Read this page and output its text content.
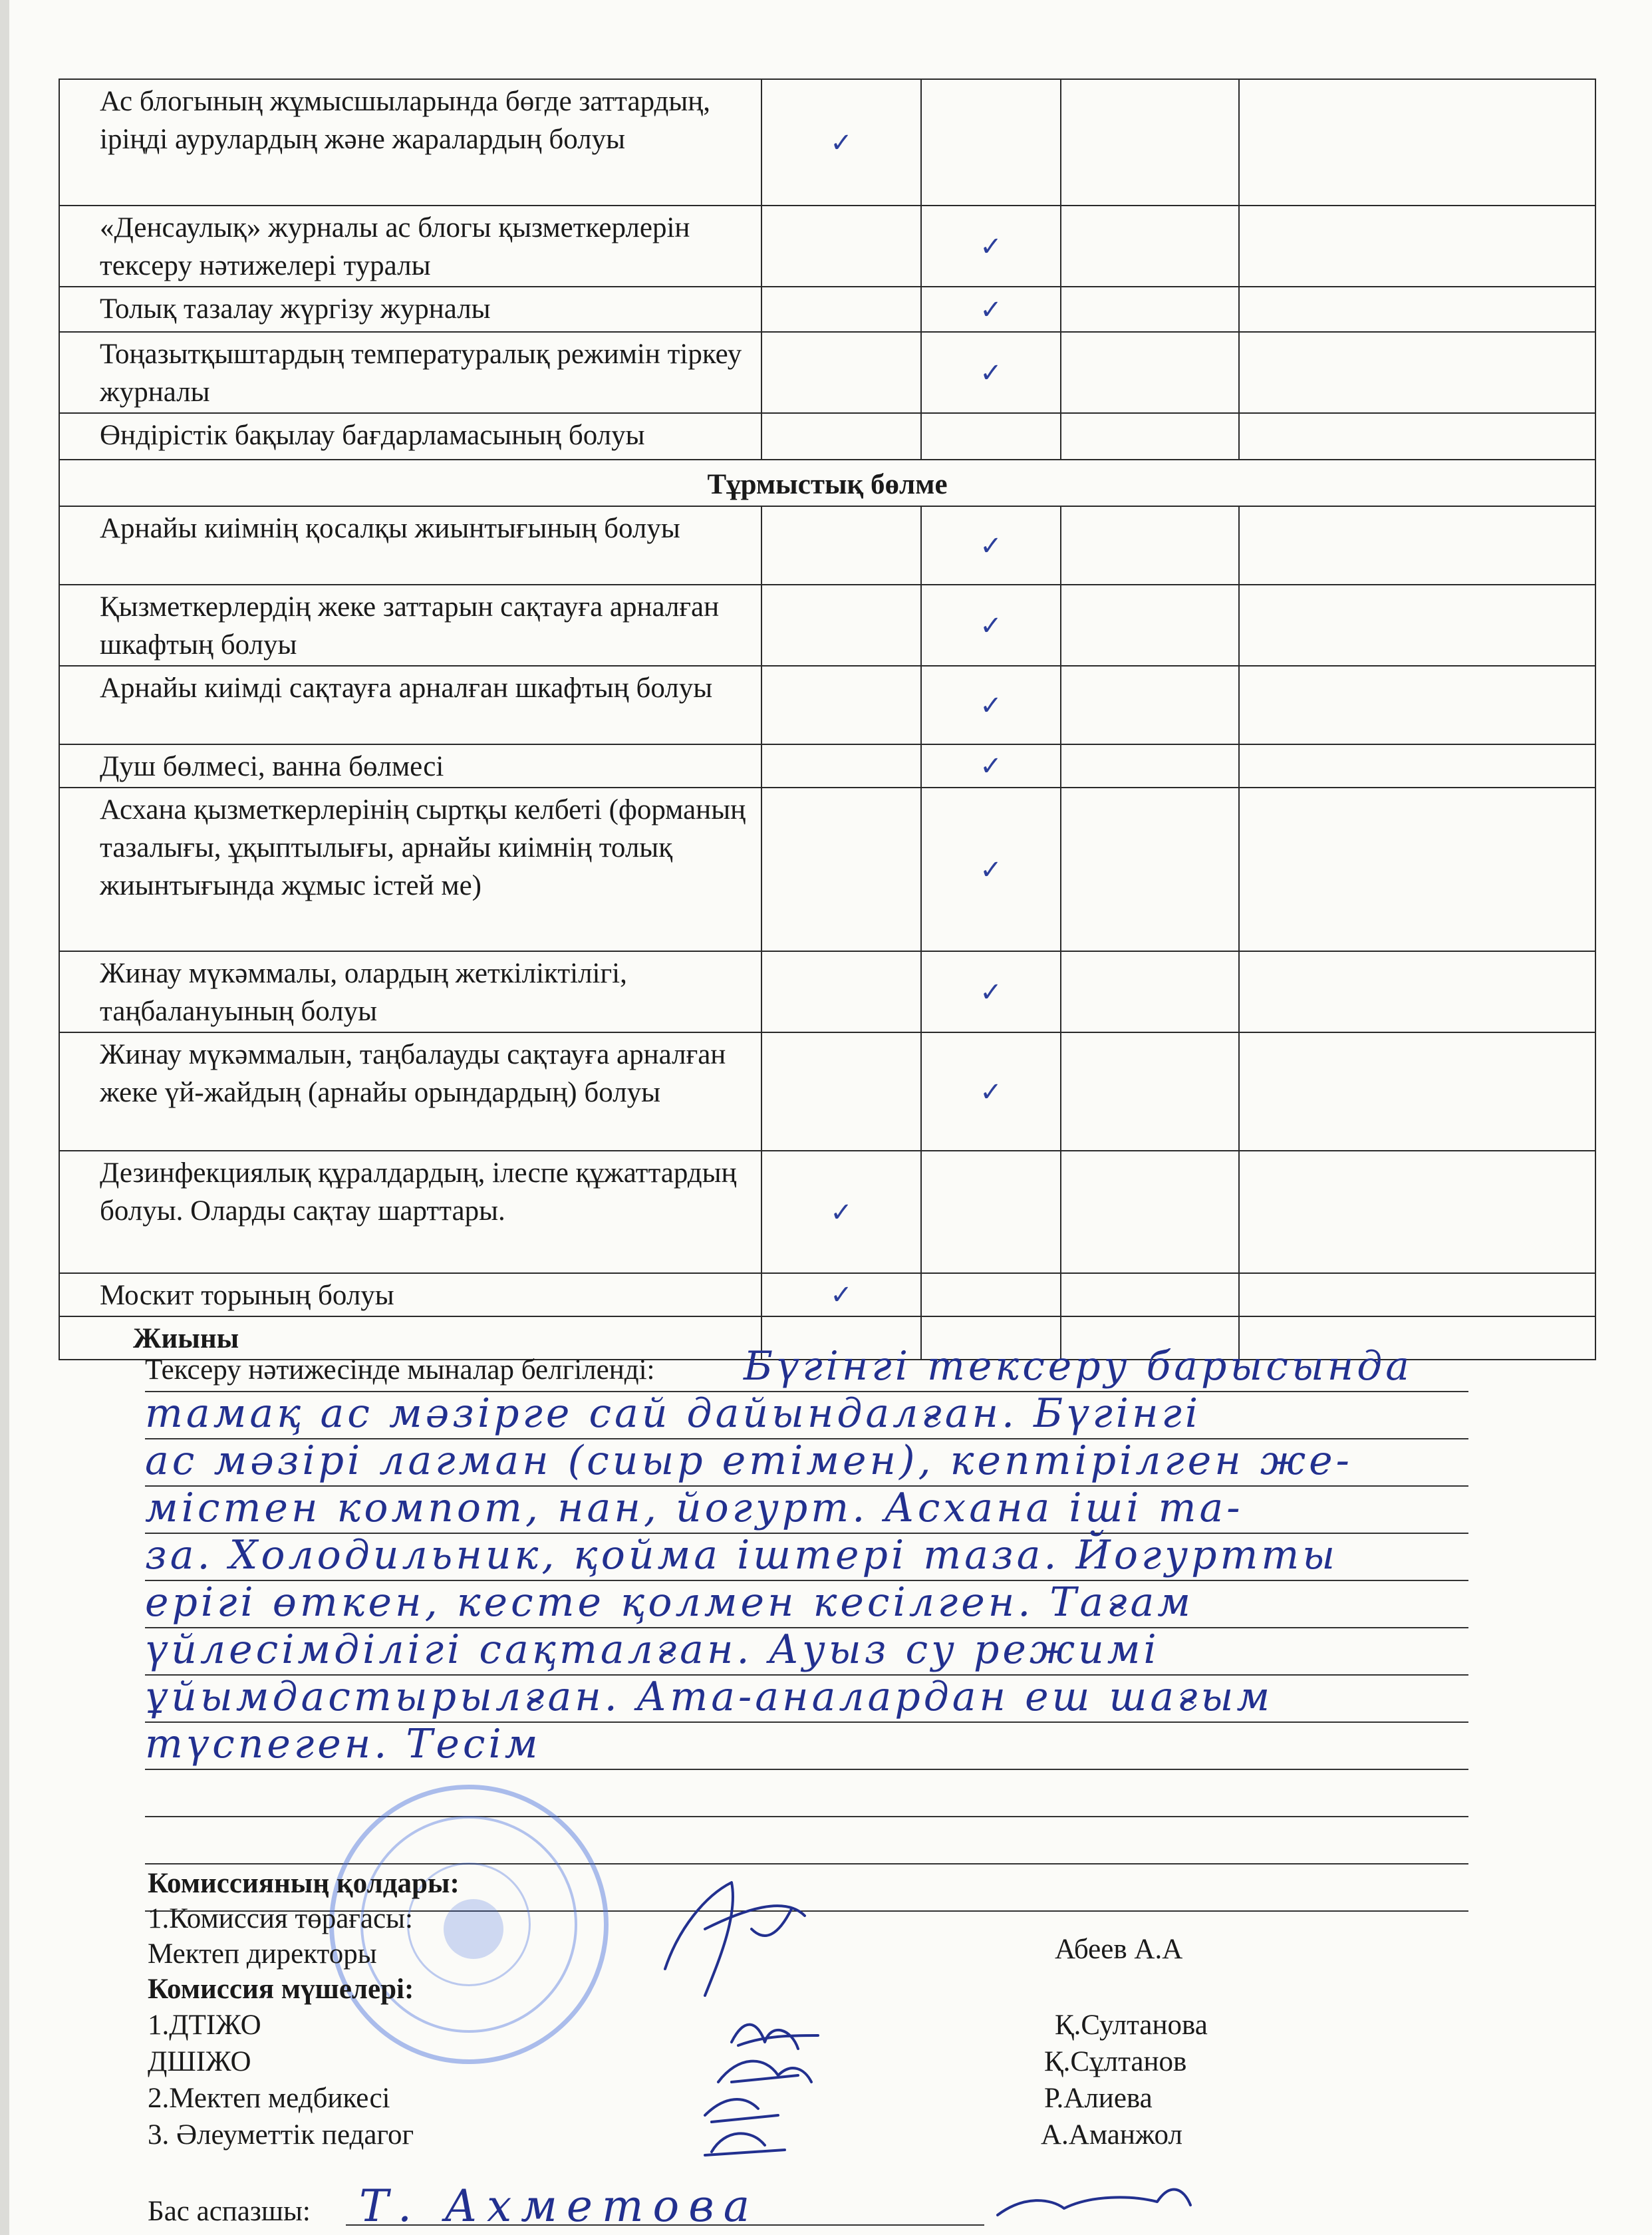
Ас блогының жұмысшыларында бөгде заттардың, іріңді аурулардың және жаралардың болуы	✓			
«Денсаулық» журналы ас блогы қызметкерлерін тексеру нәтижелері туралы		✓		
Толық тазалау жүргізу журналы		✓		
Тоңазытқыштардың температуралық режимін тіркеу журналы		✓		
Өндірістік бақылау бағдарламасының болуы				
Тұрмыстық бөлме				
Арнайы киімнің қосалқы жиынтығының болуы		✓		
Қызметкерлердің жеке заттарын сақтауға арналған шкафтың болуы		✓		
Арнайы киімді сақтауға арналған шкафтың болуы		✓		
Душ бөлмесі, ванна бөлмесі		✓		
Асхана қызметкерлерінің сыртқы келбеті (форманың тазалығы, ұқыптылығы, арнайы киімнің толық жиынтығында жұмыс істей ме)		✓		
Жинау мүкәммалы, олардың жеткіліктілігі, таңбалануының болуы		✓		
Жинау мүкәммалын, таңбалауды сақтауға арналған жеке үй-жайдың (арнайы орындардың) болуы		✓		
Дезинфекциялық құралдардың, ілеспе құжаттардың болуы. Оларды сақтау шарттары.	✓			
Москит торының болуы	✓			
Жиыны				
Тексеру нәтижесінде мыналар белгіленді: Бүгінгі тексеру барысында
тамақ ас мәзірге сай дайындалған. Бүгінгі
ас мәзірі лагман (сиыр етімен), кептірілген же-
містен компот, нан, йогурт. Асхана іші та-
за. Холодильник, қойма іштері таза. Йогуртты
ерігі өткен, кесте қолмен кесілген. Тағам
үйлесімділігі сақталған. Ауыз су режимі
ұйымдастырылған. Ата-аналардан еш шағым
түспеген. Тесім
Комиссияның қолдары:
1.Комиссия төрағасы:
Мектеп директоры	Абеев А.А
Комиссия мүшелері:
1.ДТІЖО	Қ.Султанова
ДШІЖО	Қ.Сұлтанов
2.Мектеп медбикесі	Р.Алиева
3. Әлеуметтік педагог	А.Аманжол
Бас аспазшы: Т. Ахметова
